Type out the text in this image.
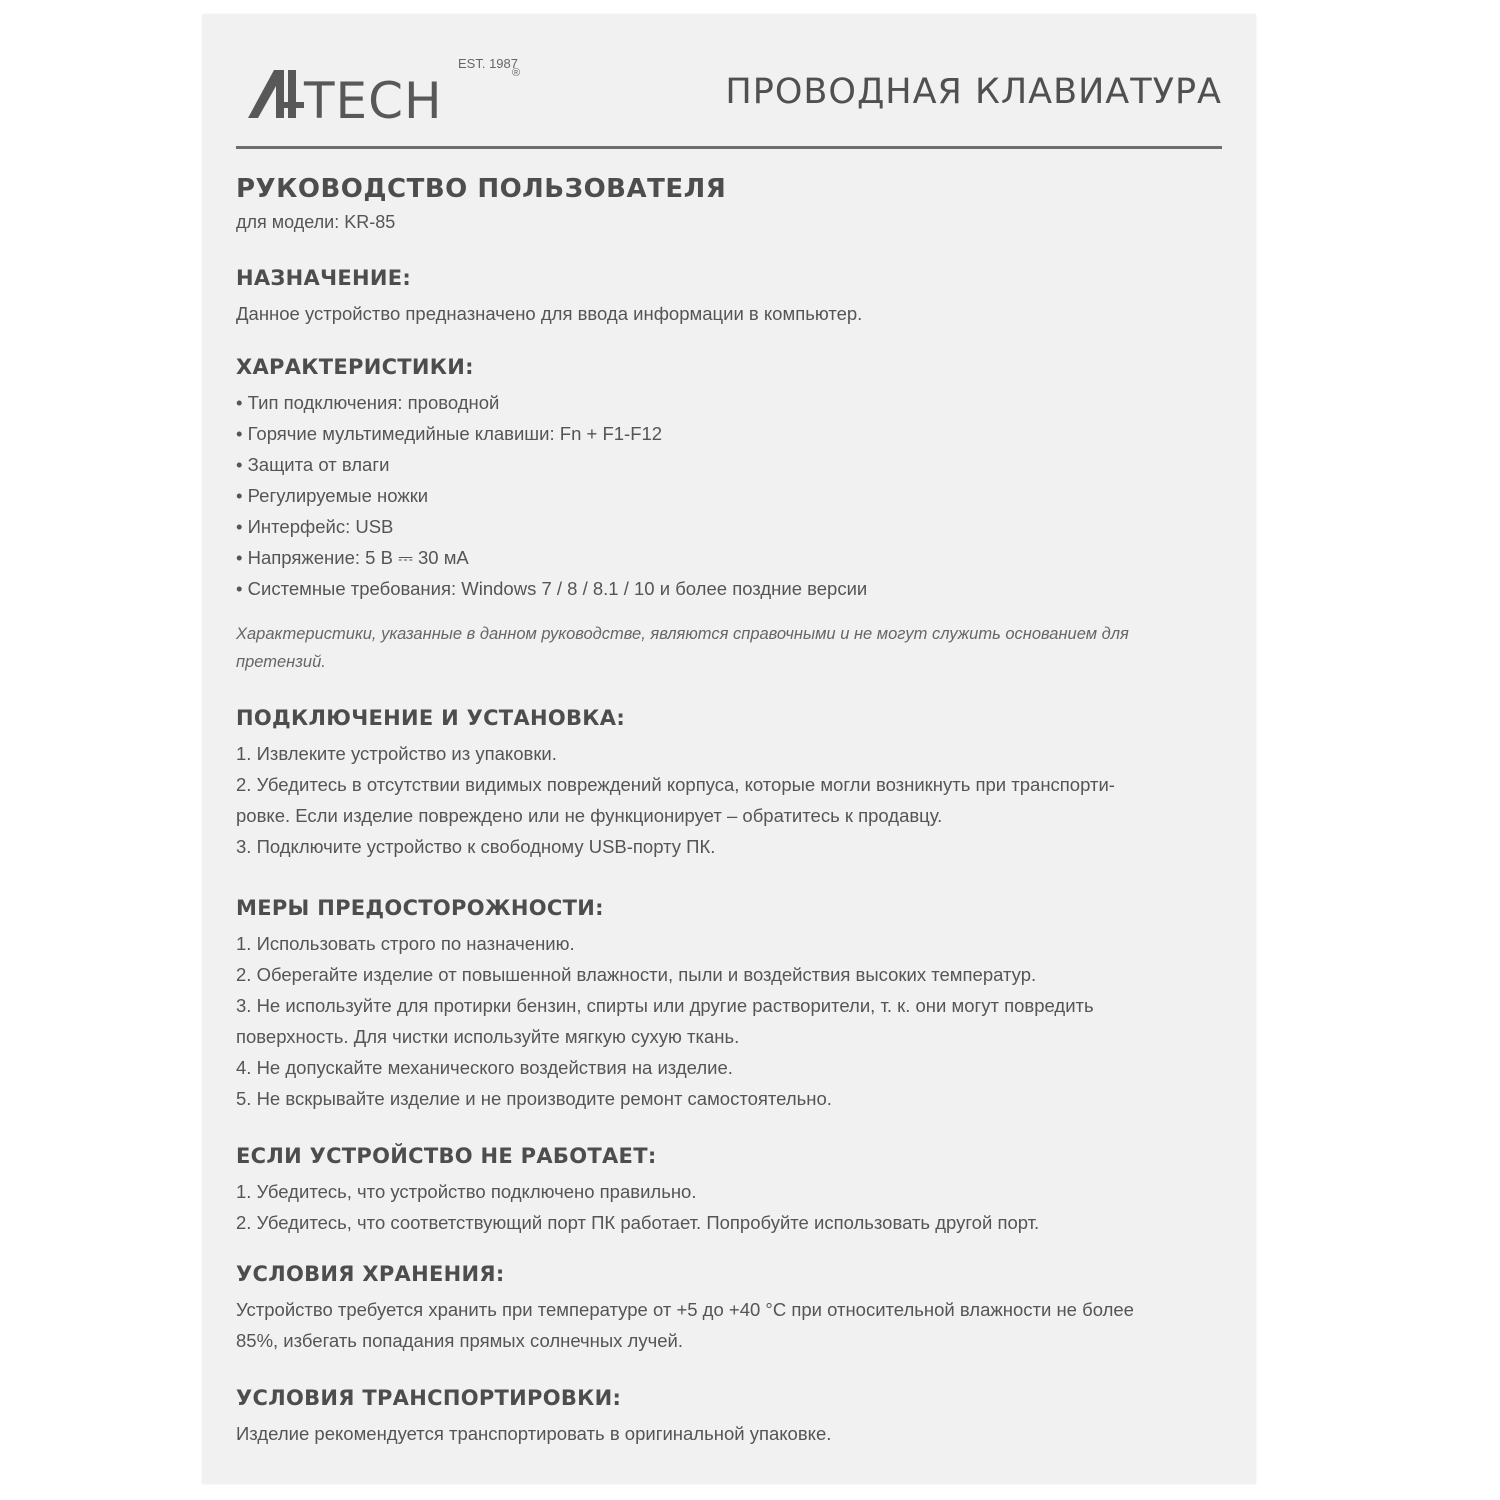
TECH
EST. 1987
®	ПРОВОДНАЯ КЛАВИАТУРА

РУКОВОДСТВО ПОЛЬЗОВАТЕЛЯ

для модели: KR-85

НАЗНАЧЕНИЕ:

Данное устройство предназначено для ввода информации в компьютер.

ХАРАКТЕРИСТИКИ:

• Тип подключения: проводной
• Горячие мультимедийные клавиши: Fn + F1-F12
• Защита от влаги
• Регулируемые ножки
• Интерфейс: USB
• Напряжение: 5 В ⎓ 30 мА
• Системные требования: Windows 7 / 8 / 8.1 / 10 и более поздние версии

Характеристики, указанные в данном руководстве, являются справочными и не могут служить основанием для претензий.

ПОДКЛЮЧЕНИЕ И УСТАНОВКА:

1. Извлеките устройство из упаковки.
2. Убедитесь в отсутствии видимых повреждений корпуса, которые могли возникнуть при транспорти-
ровке. Если изделие повреждено или не функционирует – обратитесь к продавцу.
3. Подключите устройство к свободному USB-порту ПК.

МЕРЫ ПРЕДОСТОРОЖНОСТИ:

1. Использовать строго по назначению.
2. Оберегайте изделие от повышенной влажности, пыли и воздействия высоких температур.
3. Не используйте для протирки бензин, спирты или другие растворители, т. к. они могут повредить
поверхность. Для чистки используйте мягкую сухую ткань.
4. Не допускайте механического воздействия на изделие.
5. Не вскрывайте изделие и не производите ремонт самостоятельно.

ЕСЛИ УСТРОЙСТВО НЕ РАБОТАЕТ:

1. Убедитесь, что устройство подключено правильно.
2. Убедитесь, что соответствующий порт ПК работает. Попробуйте использовать другой порт.

УСЛОВИЯ ХРАНЕНИЯ:

Устройство требуется хранить при температуре от +5 до +40 °C при относительной влажности не более

85%, избегать попадания прямых солнечных лучей.

УСЛОВИЯ ТРАНСПОРТИРОВКИ:

Изделие рекомендуется транспортировать в оригинальной упаковке.
